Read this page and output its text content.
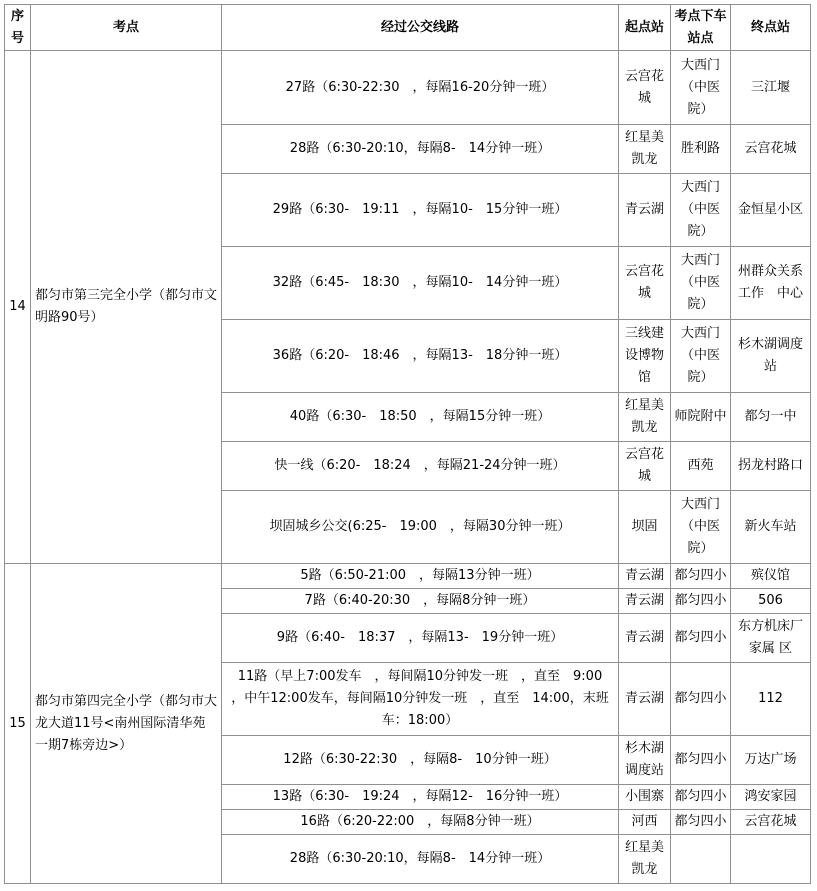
序号	考点	经过公交线路	起点站	考点下车站点	终点站
14	都匀市第三完全小学（都匀市文明路90号）	27路（6:30-22:30　，每隔16-20分钟一班）	云宫花城	大西门（中医院）	三江堰
		28路（6:30-20:10，每隔8-　14分钟一班）	红星美凯龙	胜利路	云宫花城
		29路（6:30-　19:11　，每隔10-　15分钟一班）	青云湖	大西门（中医院）	金恒星小区
		32路（6:45-　18:30　，每隔10-　14分钟一班）	云宫花城	大西门（中医院）	州群众关系工作　中心
		36路（6:20-　18:46　，每隔13-　18分钟一班）	三线建设博物馆	大西门（中医院）	杉木湖调度站
		40路（6:30-　18:50　，每隔15分钟一班）	红星美凯龙	师院附中	都匀一中
		快一线（6:20-　18:24　，每隔21-24分钟一班）	云宫花城	西苑	拐龙村路口
		坝固城乡公交(6:25-　19:00　，每隔30分钟一班）	坝固	大西门（中医院）	新火车站
15	都匀市第四完全小学（都匀市大龙大道11号<南州国际清华苑一期7栋旁边>）	5路（6:50-21:00　，每隔13分钟一班）	青云湖	都匀四小	殡仪馆
		7路（6:40-20:30　，每隔8分钟一班）	青云湖	都匀四小	506
		9路（6:40-　18:37　，每隔13-　19分钟一班）	青云湖	都匀四小	东方机床厂家属 区
		11路（早上7:00发车　，每间隔10分钟发一班　，直至　9:00　，中午12:00发车，每间隔10分钟发一班　，直至　14:00，末班车：18:00）	青云湖	都匀四小	112
		12路（6:30-22:30　，每隔8-　10分钟一班）	杉木湖调度站	都匀四小	万达广场
		13路（6:30-　19:24　，每隔12-　16分钟一班）	小围寨	都匀四小	鸿安家园
		16路（6:20-22:00　，每隔8分钟一班）	河西	都匀四小	云宫花城
		28路（6:30-20:10，每隔8-　14分钟一班）	红星美凯龙		
